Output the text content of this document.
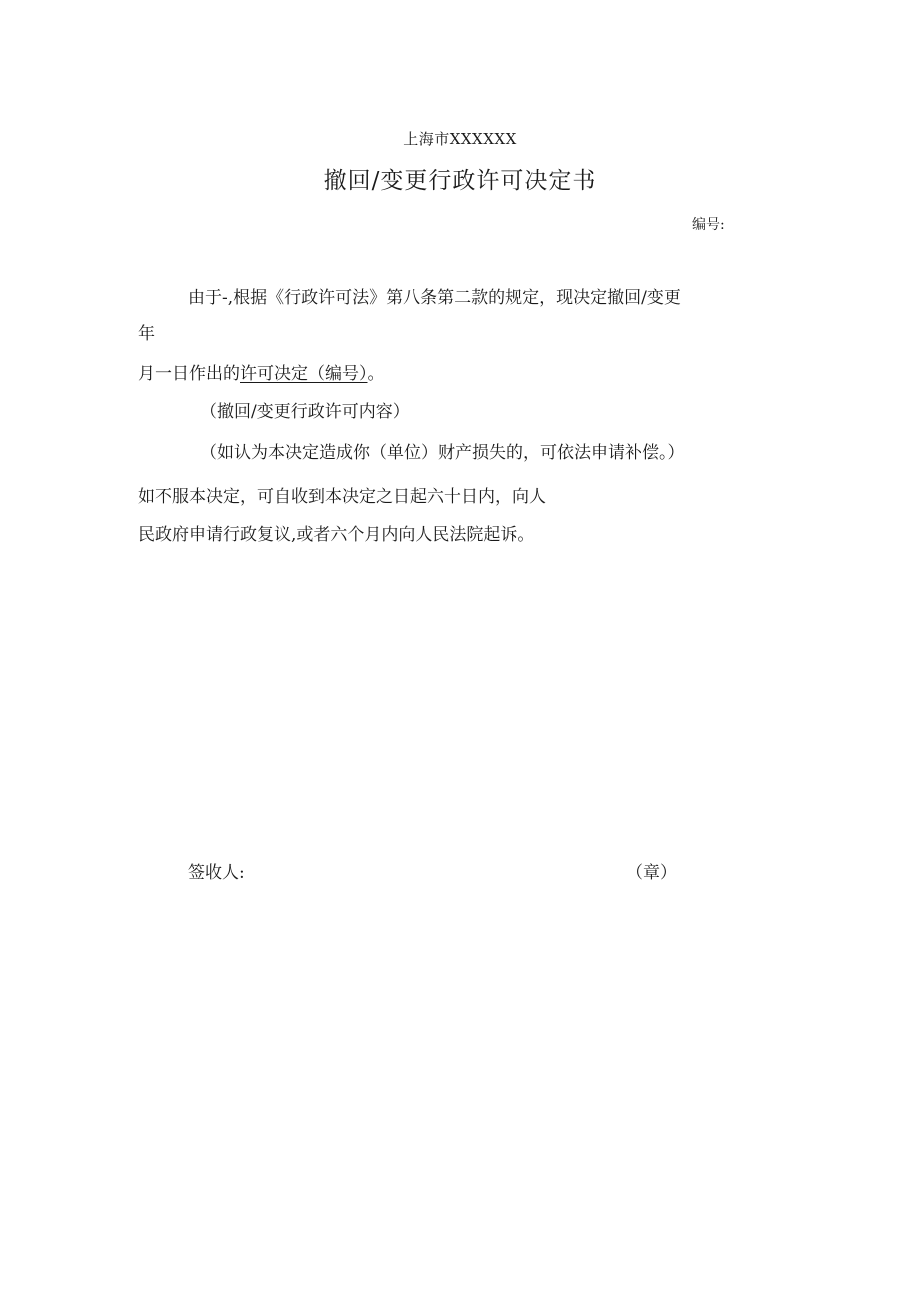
上海市XXXXXX
撤回/变更行政许可决定书
编号:
由于-,根据《行政许可法》第八条第二款的规定，现决定撤回/变更
年
月一日作出的许可决定（编号）。
（撤回/变更行政许可内容）
（如认为本决定造成你（单位）财产损失的，可依法申请补偿。）
如不服本决定，可自收到本决定之日起六十日内，向人
民政府申请行政复议,或者六个月内向人民法院起诉。
签收人:	（章）
